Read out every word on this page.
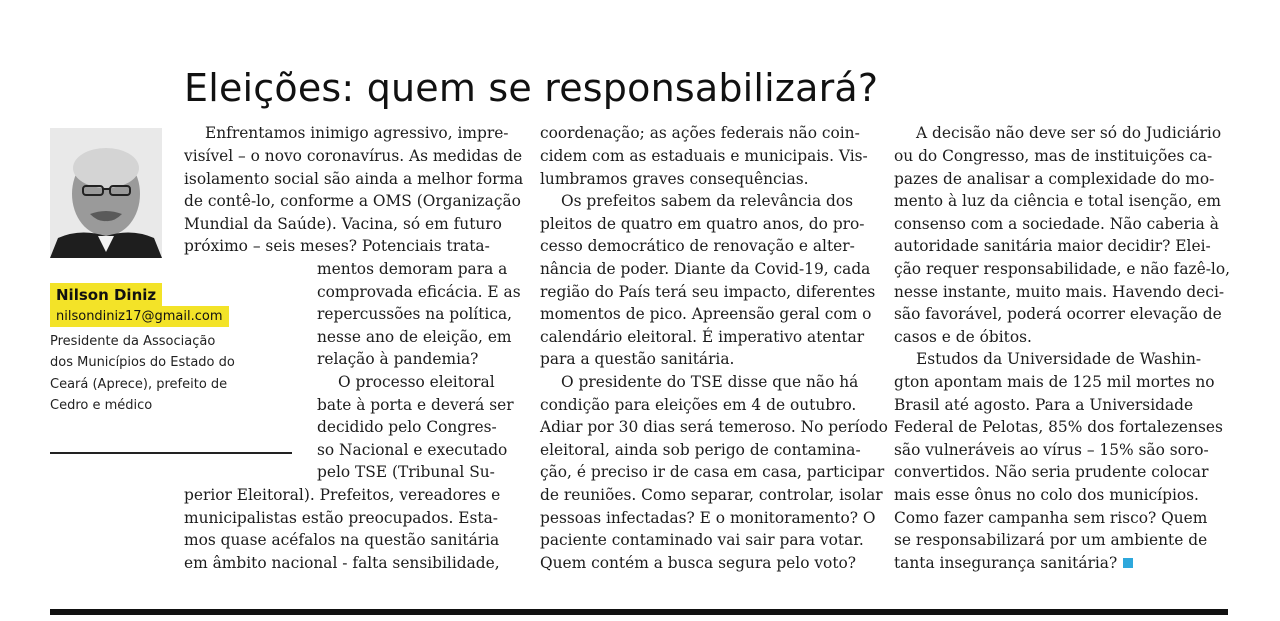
Eleições: quem se responsabilizará?
Nilson Diniz
nilsondiniz17@gmail.com
Presidente da Associação
dos Municípios do Estado do
Ceará (Aprece), prefeito de
Cedro e médico
Enfrentamos inimigo agressivo, impre-
visível – o novo coronavírus. As medidas de
isolamento social são ainda a melhor forma
de contê-lo, conforme a OMS (Organização
Mundial da Saúde). Vacina, só em futuro
próximo – seis meses? Potenciais trata-
mentos demoram para a
comprovada eficácia. E as
repercussões na política,
nesse ano de eleição, em
relação à pandemia?
O processo eleitoral
bate à porta e deverá ser
decidido pelo Congres-
so Nacional e executado
pelo TSE (Tribunal Su-
perior Eleitoral). Prefeitos, vereadores e
municipalistas estão preocupados. Esta-
mos quase acéfalos na questão sanitária
em âmbito nacional - falta sensibilidade,
coordenação; as ações federais não coin-
cidem com as estaduais e municipais. Vis-
lumbramos graves consequências.
Os prefeitos sabem da relevância dos
pleitos de quatro em quatro anos, do pro-
cesso democrático de renovação e alter-
nância de poder. Diante da Covid-19, cada
região do País terá seu impacto, diferentes
momentos de pico. Apreensão geral com o
calendário eleitoral. É imperativo atentar
para a questão sanitária.
O presidente do TSE disse que não há
condição para eleições em 4 de outubro.
Adiar por 30 dias será temeroso. No período
eleitoral, ainda sob perigo de contamina-
ção, é preciso ir de casa em casa, participar
de reuniões. Como separar, controlar, isolar
pessoas infectadas? E o monitoramento? O
paciente contaminado vai sair para votar.
Quem contém a busca segura pelo voto?
A decisão não deve ser só do Judiciário
ou do Congresso, mas de instituições ca-
pazes de analisar a complexidade do mo-
mento à luz da ciência e total isenção, em
consenso com a sociedade. Não caberia à
autoridade sanitária maior decidir? Elei-
ção requer responsabilidade, e não fazê-lo,
nesse instante, muito mais. Havendo deci-
são favorável, poderá ocorrer elevação de
casos e de óbitos.
Estudos da Universidade de Washin-
gton apontam mais de 125 mil mortes no
Brasil até agosto. Para a Universidade
Federal de Pelotas, 85% dos fortalezenses
são vulneráveis ao vírus – 15% são soro-
convertidos. Não seria prudente colocar
mais esse ônus no colo dos municípios.
Como fazer campanha sem risco? Quem
se responsabilizará por um ambiente de
tanta insegurança sanitária?
